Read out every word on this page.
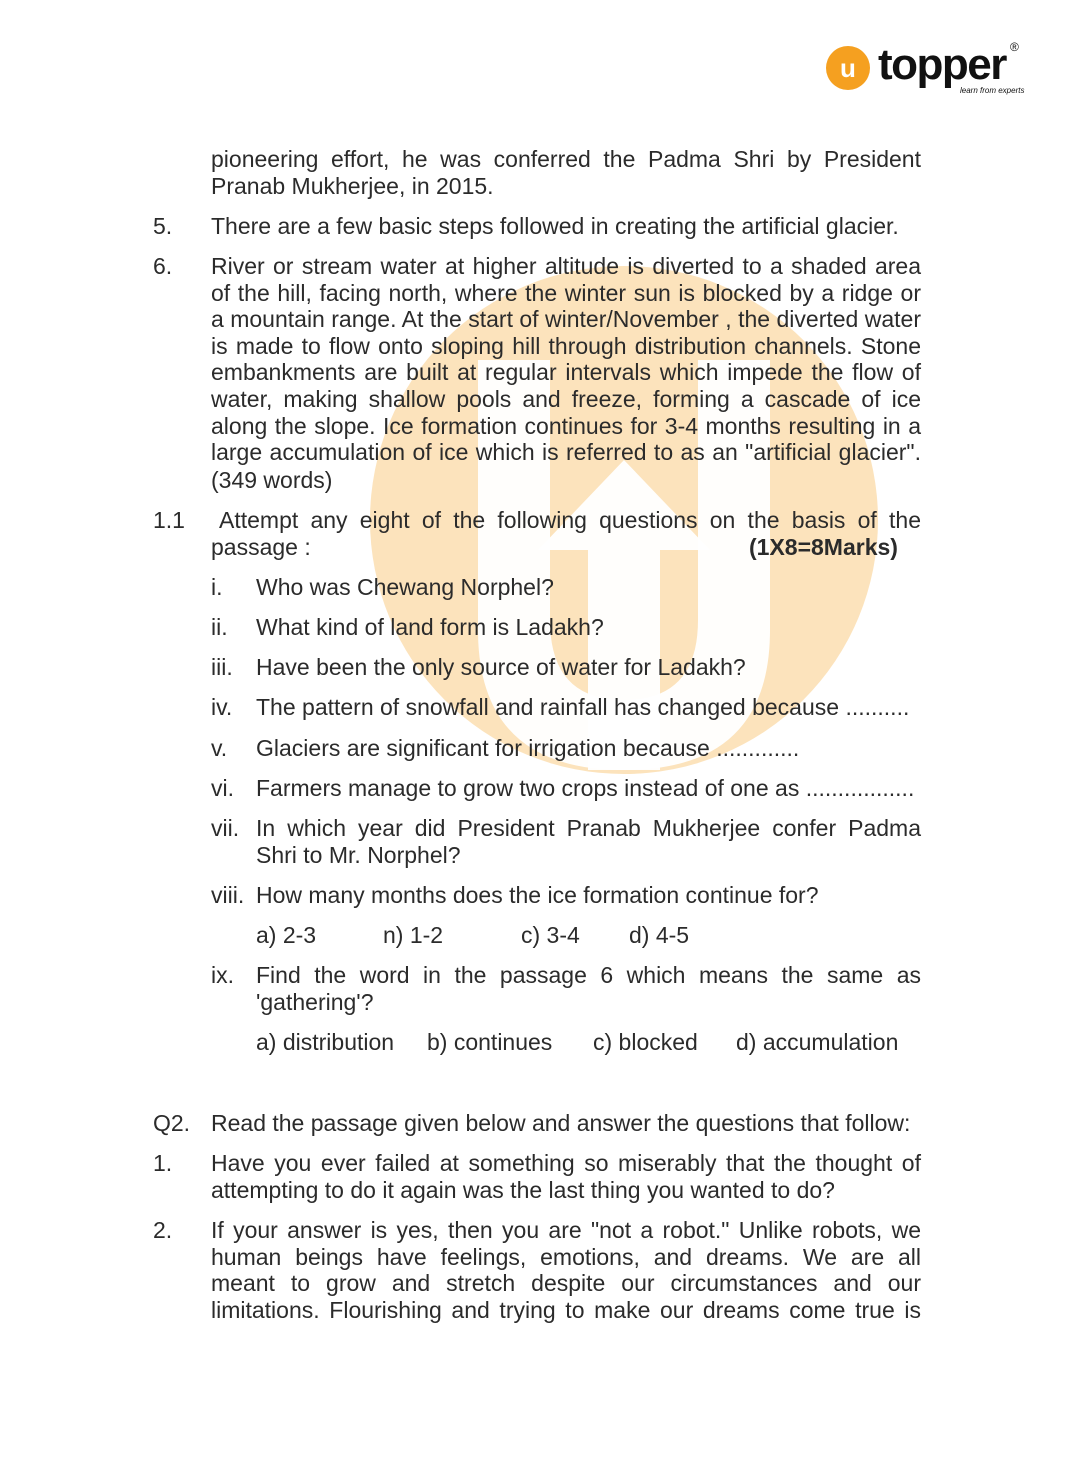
u topper ®
learn from experts
pioneering effort, he was conferred the Padma Shri by President
Pranab Mukherjee, in 2015.
5. There are a few basic steps followed in creating the artificial glacier.
6. River or stream water at higher altitude is diverted to a shaded area of the hill, facing north, where the winter sun is blocked by a ridge or a mountain range. At the start of winter/November , the diverted water is made to flow onto sloping hill through distribution channels. Stone embankments are built at regular intervals which impede the flow of water, making shallow pools and freeze, forming a cascade of ice along the slope. Ice formation continues for 3-4 months resulting in a large accumulation of ice which is referred to as an "artificial glacier".
(349 words)
1.1 Attempt any eight of the following questions on the basis of the
passage :	(1X8=8Marks)
i. Who was Chewang Norphel?
ii. What kind of land form is Ladakh?
iii. Have been the only source of water for Ladakh?
iv. The pattern of snowfall and rainfall has changed because ..........
v. Glaciers are significant for irrigation because .............
vi. Farmers manage to grow two crops instead of one as .................
vii. In which year did President Pranab Mukherjee confer Padma Shri to Mr. Norphel?
viii. How many months does the ice formation continue for?
a) 2-3	n) 1-2	c) 3-4 d) 4-5
ix. Find the word in the passage 6 which means the same as 'gathering'?
a) distribution b) continues c) blocked d) accumulation
Q2. Read the passage given below and answer the questions that follow:
1. Have you ever failed at something so miserably that the thought of attempting to do it again was the last thing you wanted to do?
2. If your answer is yes, then you are "not a robot." Unlike robots, we human beings have feelings, emotions, and dreams. We are all meant to grow and stretch despite our circumstances and our limitations. Flourishing and trying to make our dreams come true is
